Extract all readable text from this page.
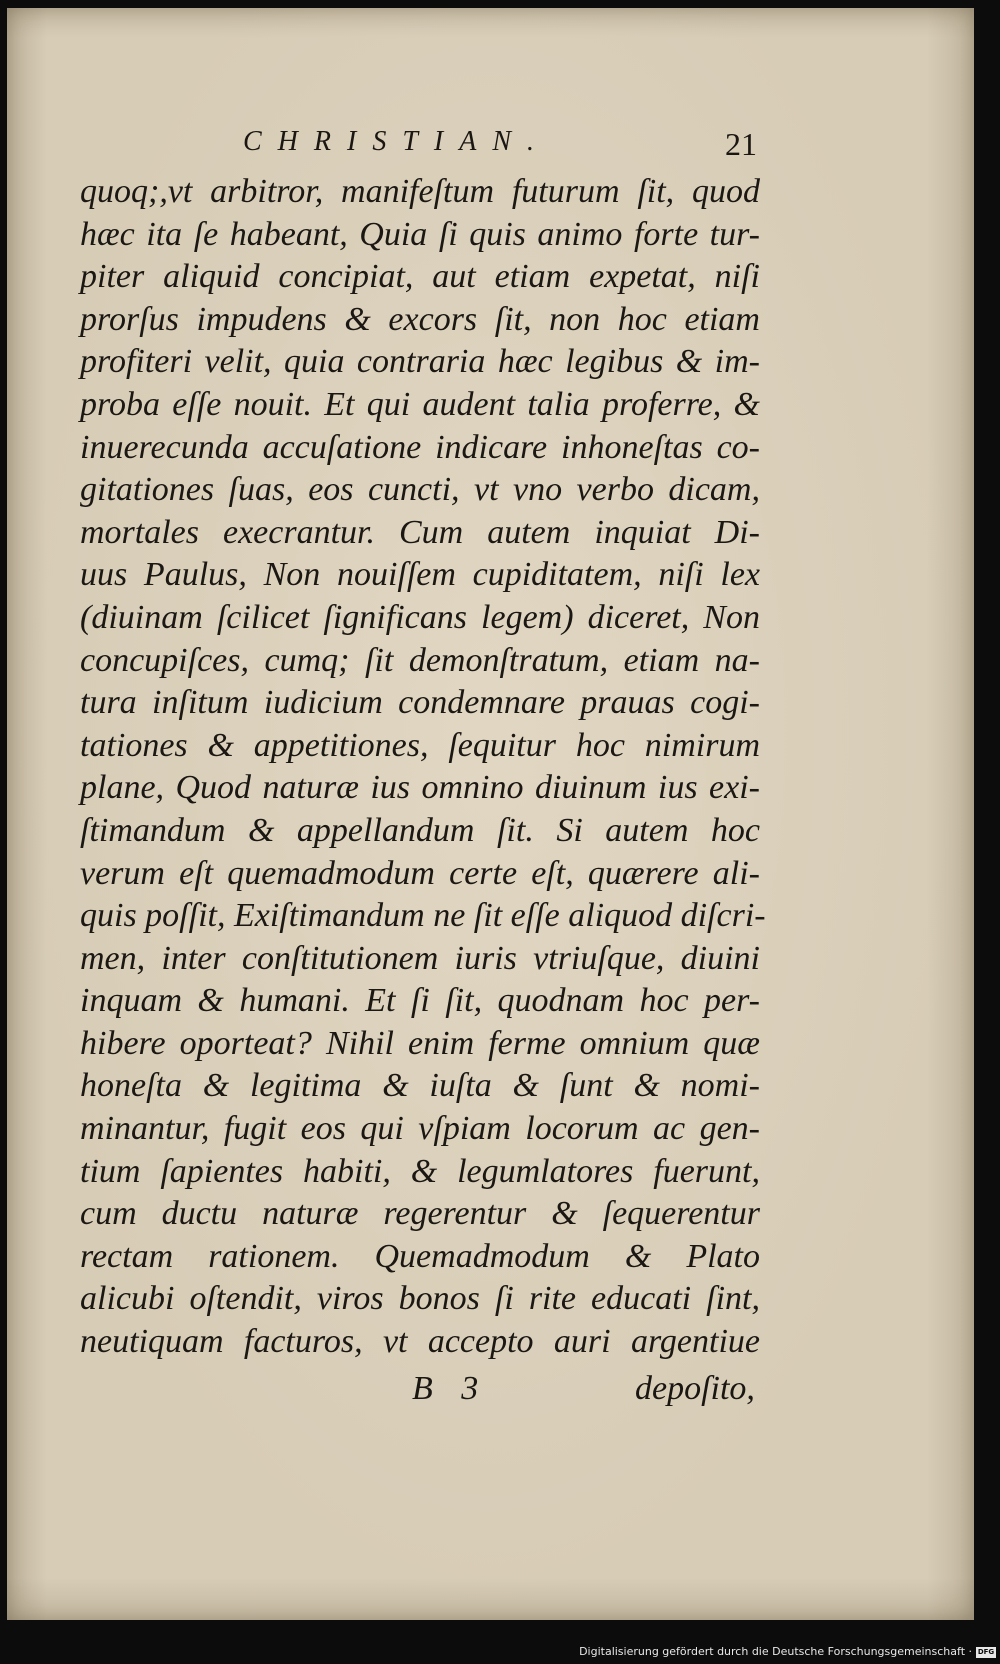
CHRISTIAN.	21
quoq;,vt arbitror, manifeſtum futurum ſit, quod
hæc ita ſe habeant, Quia ſi quis animo forte tur-
piter aliquid concipiat, aut etiam expetat, niſi
prorſus impudens & excors ſit, non hoc etiam
profiteri velit, quia contraria hæc legibus & im-
proba eſſe nouit. Et qui audent talia proferre, &
inuerecunda accuſatione indicare inhoneſtas co-
gitationes ſuas, eos cuncti, vt vno verbo dicam,
mortales execrantur. Cum autem inquiat Di-
uus Paulus, Non nouiſſem cupiditatem, niſi lex
(diuinam ſcilicet ſignificans legem) diceret, Non
concupiſces, cumq; ſit demonſtratum, etiam na-
tura inſitum iudicium condemnare prauas cogi-
tationes & appetitiones, ſequitur hoc nimirum
plane, Quod naturæ ius omnino diuinum ius exi-
ſtimandum & appellandum ſit. Si autem hoc
verum eſt quemadmodum certe eſt, quærere ali-
quis poſſit, Exiſtimandum ne ſit eſſe aliquod diſcri-
men, inter conſtitutionem iuris vtriuſque, diuini
inquam & humani. Et ſi ſit, quodnam hoc per-
hibere oporteat? Nihil enim ferme omnium quæ
honeſta & legitima & iuſta & ſunt & nomi-
minantur, fugit eos qui vſpiam locorum ac gen-
tium ſapientes habiti, & legumlatores fuerunt,
cum ductu naturæ regerentur & ſequerentur
rectam rationem. Quemadmodum & Plato
alicubi oſtendit, viros bonos ſi rite educati ſint,
neutiquam facturos, vt accepto auri argentiue
B 3	depoſito,
Digitalisierung gefördert durch die Deutsche Forschungsgemeinschaft · DFG
